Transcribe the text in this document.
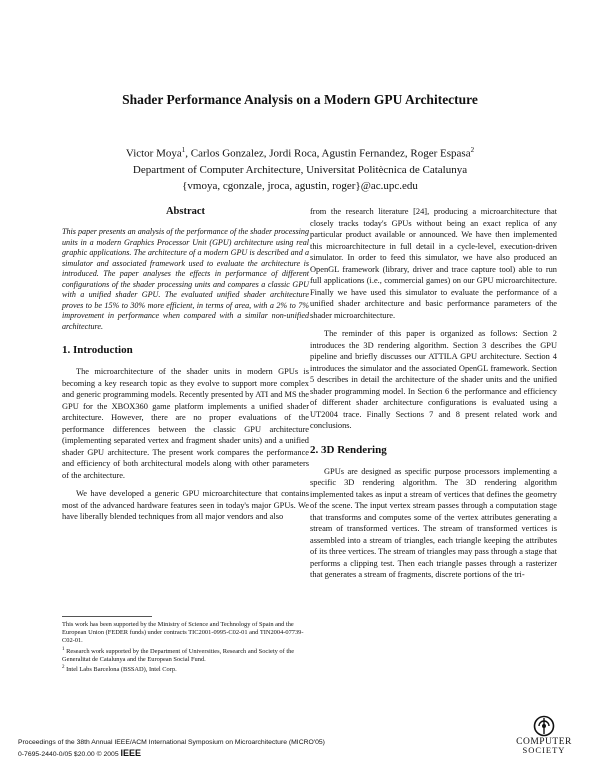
Shader Performance Analysis on a Modern GPU Architecture
Victor Moya$^1$, Carlos Gonzalez, Jordi Roca, Agustin Fernandez, Roger Espasa$^2$
Department of Computer Architecture, Universitat Politècnica de Catalunya
{vmoya, cgonzale, jroca, agustin, roger}@ac.upc.edu
Abstract

This paper presents an analysis of the performance of the shader processing units in a modern Graphics Processor Unit (GPU) architecture using real graphic applications. The architecture of a modern GPU is described and a simulator and associated framework used to evaluate the architecture is introduced. The paper analyses the effects in performance of different configurations of the shader processing units and compares a classic GPU with a unified shader GPU. The evaluated unified shader architecture proves to be 15% to 30% more efficient, in terms of area, with a 2% to 7% improvement in performance when compared with a similar non-unified architecture.

1. Introduction

The microarchitecture of the shader units in modern GPUs is becoming a key research topic as they evolve to support more complex and generic programming models. Recently presented by ATI and MS the GPU for the XBOX360 game platform implements a unified shader architecture. However, there are no proper evaluations of the performance differences between the classic GPU architecture (implementing separated vertex and fragment shader units) and a unified shader GPU architecture. The present work compares the performance and efficiency of both architectural models along with other parameters of the architecture.

We have developed a generic GPU microarchitecture that contains most of the advanced hardware features seen in today's major GPUs. We have liberally blended techniques from all major vendors and also

from the research literature [24], producing a microarchitecture that closely tracks today's GPUs without being an exact replica of any particular product available or announced. We have then implemented this microarchitecture in full detail in a cycle-level, execution-driven simulator. In order to feed this simulator, we have also produced an OpenGL framework (library, driver and trace capture tool) able to run full applications (i.e., commercial games) on our GPU microarchitecture. Finally we have used this simulator to evaluate the performance of a unified shader architecture and basic performance parameters of the shader microarchitecture.

The reminder of this paper is organized as follows: Section 2 introduces the 3D rendering algorithm. Section 3 describes the GPU pipeline and briefly discusses our ATTILA GPU architecture. Section 4 introduces the simulator and the associated OpenGL framework. Section 5 describes in detail the architecture of the shader units and the unified shader programming model. In Section 6 the performance and efficiency of different shader architecture configurations is evaluated using a UT2004 trace. Finally Sections 7 and 8 present related work and conclusions.

2. 3D Rendering

GPUs are designed as specific purpose processors implementing a specific 3D rendering algorithm. The 3D rendering algorithm implemented takes as input a stream of vertices that defines the geometry of the scene. The input vertex stream passes through a computation stage that transforms and computes some of the vertex attributes generating a stream of transformed vertices. The stream of transformed vertices is assembled into a stream of triangles, each triangle keeping the attributes of its three vertices. The stream of triangles may pass through a stage that performs a clipping test. Then each triangle passes through a rasterizer that generates a stream of fragments, discrete portions of the tri-

This work has been supported by the Ministry of Science and Technology of Spain and the European Union (FEDER funds) under contracts TIC2001-0995-C02-01 and TIN2004-07739-C02-01.

$^1$ Research work supported by the Department of Universities, Research and Society of the Generalitat de Catalunya and the European Social Fund.

$^2$ Intel Labs Barcelona (BSSAD), Intel Corp.

Proceedings of the 38th Annual IEEE/ACM International Symposium on Microarchitecture (MICRO'05)
0-7695-2440-0/05 $20.00 © 2005 IEEE
COMPUTER
SOCIETY
